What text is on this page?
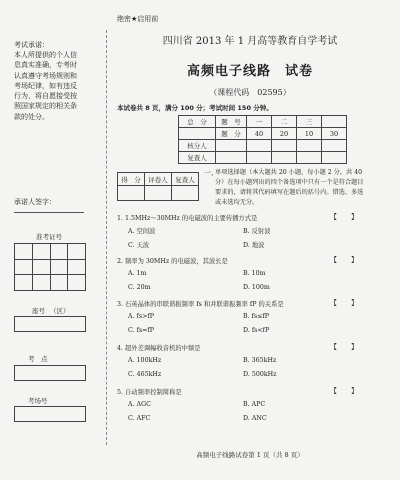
考试承诺：
本人所提供的个人信息真实准确，专考时认真遵守考场规则和考场纪律，如有违反行为，将自愿接受按照国家规定的相关条款的处分。
承诺人签字：
准考证号
座号 （区）
考　点
考场号
绝密★启用前
四川省 2013 年 1 月高等教育自学考试
高频电子线路　试卷
（课程代码　02595）
本试卷共 8 页，满分 100 分；考试时间 150 分钟。
总　分	题　号	一	二	三	
	题　分	40	20	10	30
核分人					
复查人					
得　分	评卷人	复查人

一、
单项选择题（本大题共 20 小题，每小题 2 分，共 40 分）在每小题列出的四个备选项中只有一个是符合题目要求的，请将其代码填写在题后的括号内。错选、多选或未选均无分。
1. 1.5MHz～30MHz 的电磁波的主要传播方式是	【　　】
A. 空间波	B. 反射波
C. 天波	D. 地波
2. 频率为 30MHz 的电磁波，其波长是	【　　】
A. 1m	B. 10m
C. 20m	D. 100m
3. 石英晶体的串联谐振频率 fs 和并联谐振频率 fP 的关系是	【　　】
A. fs>fP	B. fs≤fP
C. fs=fP	D. fs<fP
4. 超外差调幅收音机的中频是	【　　】
A. 100kHz	B. 365kHz
C. 465kHz	D. 500kHz
5. 自动频率控制简称是	【　　】
A. AGC	B. APC
C. AFC	D. ANC
高频电子线路试卷第 1 页（共 8 页）
